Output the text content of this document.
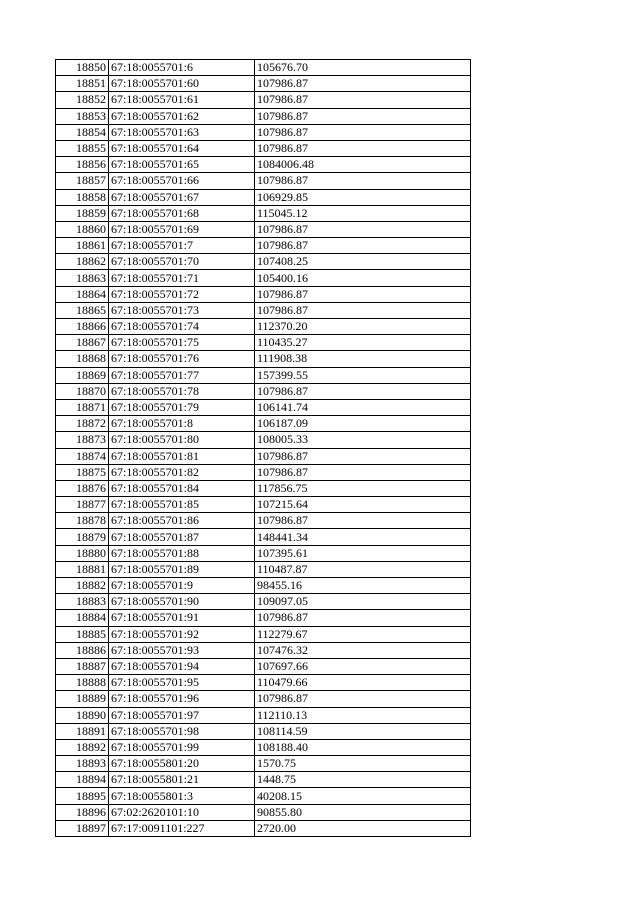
18850	67:18:0055701:6	105676.70
18851	67:18:0055701:60	107986.87
18852	67:18:0055701:61	107986.87
18853	67:18:0055701:62	107986.87
18854	67:18:0055701:63	107986.87
18855	67:18:0055701:64	107986.87
18856	67:18:0055701:65	1084006.48
18857	67:18:0055701:66	107986.87
18858	67:18:0055701:67	106929.85
18859	67:18:0055701:68	115045.12
18860	67:18:0055701:69	107986.87
18861	67:18:0055701:7	107986.87
18862	67:18:0055701:70	107408.25
18863	67:18:0055701:71	105400.16
18864	67:18:0055701:72	107986.87
18865	67:18:0055701:73	107986.87
18866	67:18:0055701:74	112370.20
18867	67:18:0055701:75	110435.27
18868	67:18:0055701:76	111908.38
18869	67:18:0055701:77	157399.55
18870	67:18:0055701:78	107986.87
18871	67:18:0055701:79	106141.74
18872	67:18:0055701:8	106187.09
18873	67:18:0055701:80	108005.33
18874	67:18:0055701:81	107986.87
18875	67:18:0055701:82	107986.87
18876	67:18:0055701:84	117856.75
18877	67:18:0055701:85	107215.64
18878	67:18:0055701:86	107986.87
18879	67:18:0055701:87	148441.34
18880	67:18:0055701:88	107395.61
18881	67:18:0055701:89	110487.87
18882	67:18:0055701:9	98455.16
18883	67:18:0055701:90	109097.05
18884	67:18:0055701:91	107986.87
18885	67:18:0055701:92	112279.67
18886	67:18:0055701:93	107476.32
18887	67:18:0055701:94	107697.66
18888	67:18:0055701:95	110479.66
18889	67:18:0055701:96	107986.87
18890	67:18:0055701:97	112110.13
18891	67:18:0055701:98	108114.59
18892	67:18:0055701:99	108188.40
18893	67:18:0055801:20	1570.75
18894	67:18:0055801:21	1448.75
18895	67:18:0055801:3	40208.15
18896	67:02:2620101:10	90855.80
18897	67:17:0091101:227	2720.00
